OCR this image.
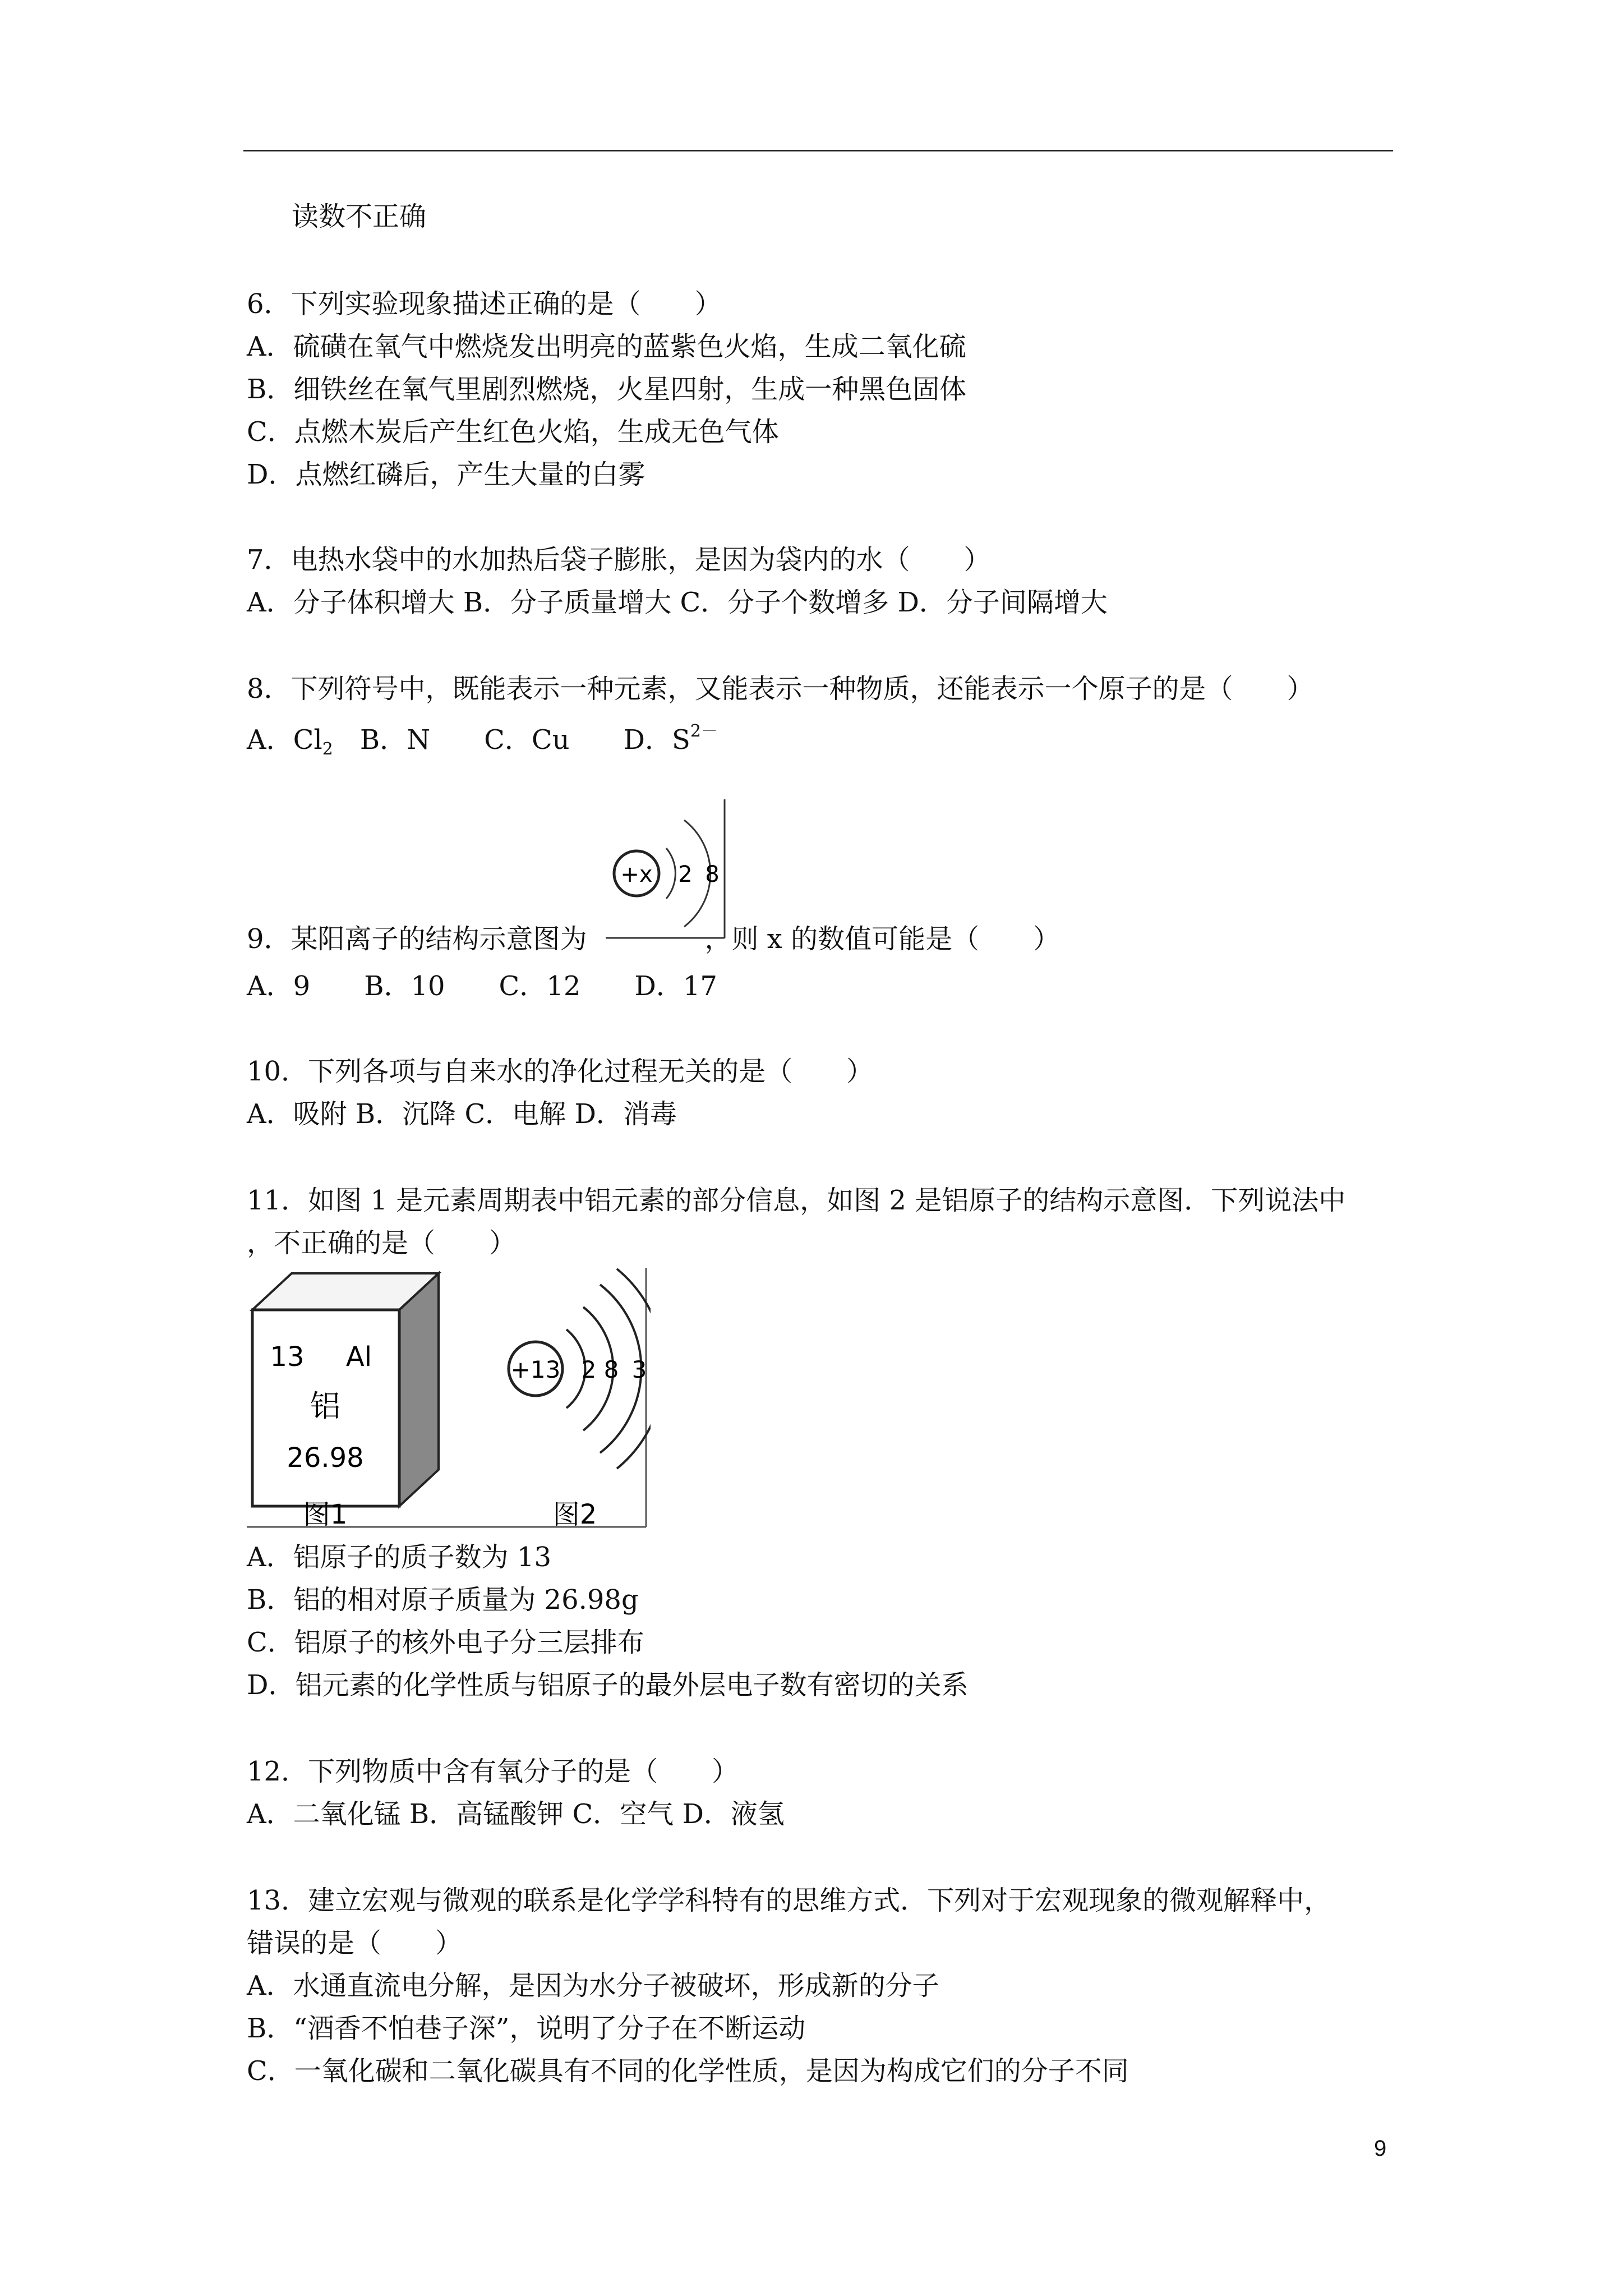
读数不正确
6．下列实验现象描述正确的是（　　）
A．硫磺在氧气中燃烧发出明亮的蓝紫色火焰，生成二氧化硫
B．细铁丝在氧气里剧烈燃烧，火星四射，生成一种黑色固体
C．点燃木炭后产生红色火焰，生成无色气体
D．点燃红磷后，产生大量的白雾
7．电热水袋中的水加热后袋子膨胀，是因为袋内的水（　　）
A．分子体积增大 B．分子质量增大 C．分子个数增多 D．分子间隔增大
8．下列符号中，既能表示一种元素，又能表示一种物质，还能表示一个原子的是（　　）
A．$Cl_2$　B．N　　C．Cu　　D．$S^{2-}$
+x 2 8
9．某阳离子的结构示意图为	，则 x 的数值可能是（　　）
A．9　　B．10　　C．12　　D．17
10．下列各项与自来水的净化过程无关的是（　　）
A．吸附 B．沉降 C．电解 D．消毒
11．如图 1 是元素周期表中铝元素的部分信息，如图 2 是铝原子的结构示意图．下列说法中
，不正确的是（　　）
13 Al
铝
26.98
图1
+13 2 8 3
图2
A．铝原子的质子数为 13
B．铝的相对原子质量为 26.98g
C．铝原子的核外电子分三层排布
D．铝元素的化学性质与铝原子的最外层电子数有密切的关系
12．下列物质中含有氧分子的是（　　）
A．二氧化锰 B．高锰酸钾 C．空气 D．液氢
13．建立宏观与微观的联系是化学学科特有的思维方式．下列对于宏观现象的微观解释中，
错误的是（　　）
A．水通直流电分解，是因为水分子被破坏，形成新的分子
B．“酒香不怕巷子深”，说明了分子在不断运动
C．一氧化碳和二氧化碳具有不同的化学性质，是因为构成它们的分子不同
9
